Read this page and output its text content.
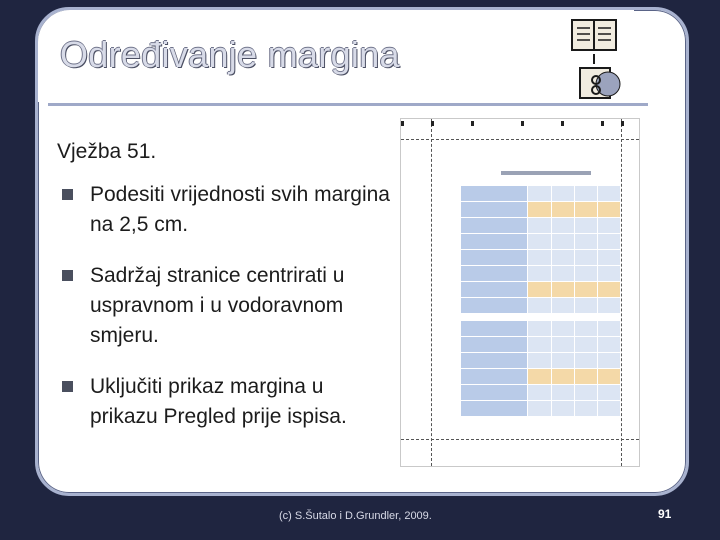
Određivanje margina
Vježba 51.
Podesiti vrijednosti svih margina na 2,5 cm.
Sadržaj stranice centrirati u uspravnom i u vodoravnom smjeru.
Uključiti prikaz margina u prikazu Pregled prije ispisa.
(c) S.Šutalo i D.Grundler, 2009.	91
